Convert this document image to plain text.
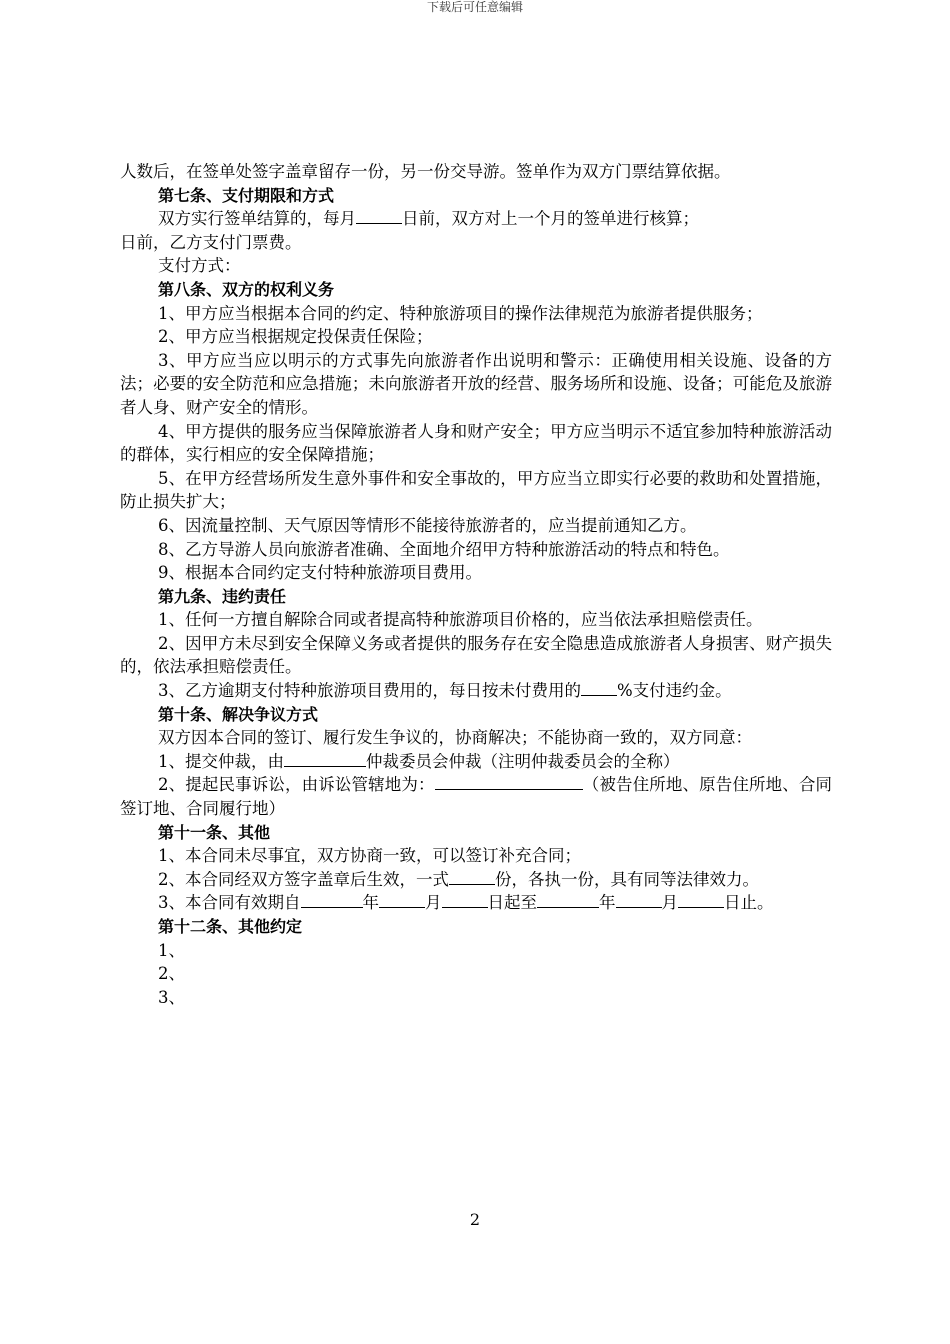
下载后可任意编辑

人数后，在签单处签字盖章留存一份，另一份交导游。签单作为双方门票结算依据。

第七条、支付期限和方式

双方实行签单结算的，每月	日前，双方对上一个月的签单进行核算；

日前，乙方支付门票费。

支付方式：

第八条、双方的权利义务

1、甲方应当根据本合同的约定、特种旅游项目的操作法律规范为旅游者提供服务；

2、甲方应当根据规定投保责任保险；

3、甲方应当应以明示的方式事先向旅游者作出说明和警示：正确使用相关设施、设备的方法；必要的安全防范和应急措施；未向旅游者开放的经营、服务场所和设施、设备；可能危及旅游者人身、财产安全的情形。

4、甲方提供的服务应当保障旅游者人身和财产安全；甲方应当明示不适宜参加特种旅游活动的群体，实行相应的安全保障措施；

5、在甲方经营场所发生意外事件和安全事故的，甲方应当立即实行必要的救助和处置措施，防止损失扩大；

6、因流量控制、天气原因等情形不能接待旅游者的，应当提前通知乙方。

8、乙方导游人员向旅游者准确、全面地介绍甲方特种旅游活动的特点和特色。

9、根据本合同约定支付特种旅游项目费用。

第九条、违约责任

1、任何一方擅自解除合同或者提高特种旅游项目价格的，应当依法承担赔偿责任。

2、因甲方未尽到安全保障义务或者提供的服务存在安全隐患造成旅游者人身损害、财产损失的，依法承担赔偿责任。

3、乙方逾期支付特种旅游项目费用的，每日按未付费用的 %支付违约金。

第十条、解决争议方式

双方因本合同的签订、履行发生争议的，协商解决；不能协商一致的，双方同意：

1、提交仲裁，由	仲裁委员会仲裁（注明仲裁委员会的全称）

2、提起民事诉讼，由诉讼管辖地为：	（被告住所地、原告住所地、合同签订地、合同履行地）

第十一条、其他

1、本合同未尽事宜，双方协商一致，可以签订补充合同；

2、本合同经双方签字盖章后生效，一式	份，各执一份，具有同等法律效力。

3、本合同有效期自	年	月	日起至	年	月	日止。

第十二条、其他约定

1、

2、

3、

2
